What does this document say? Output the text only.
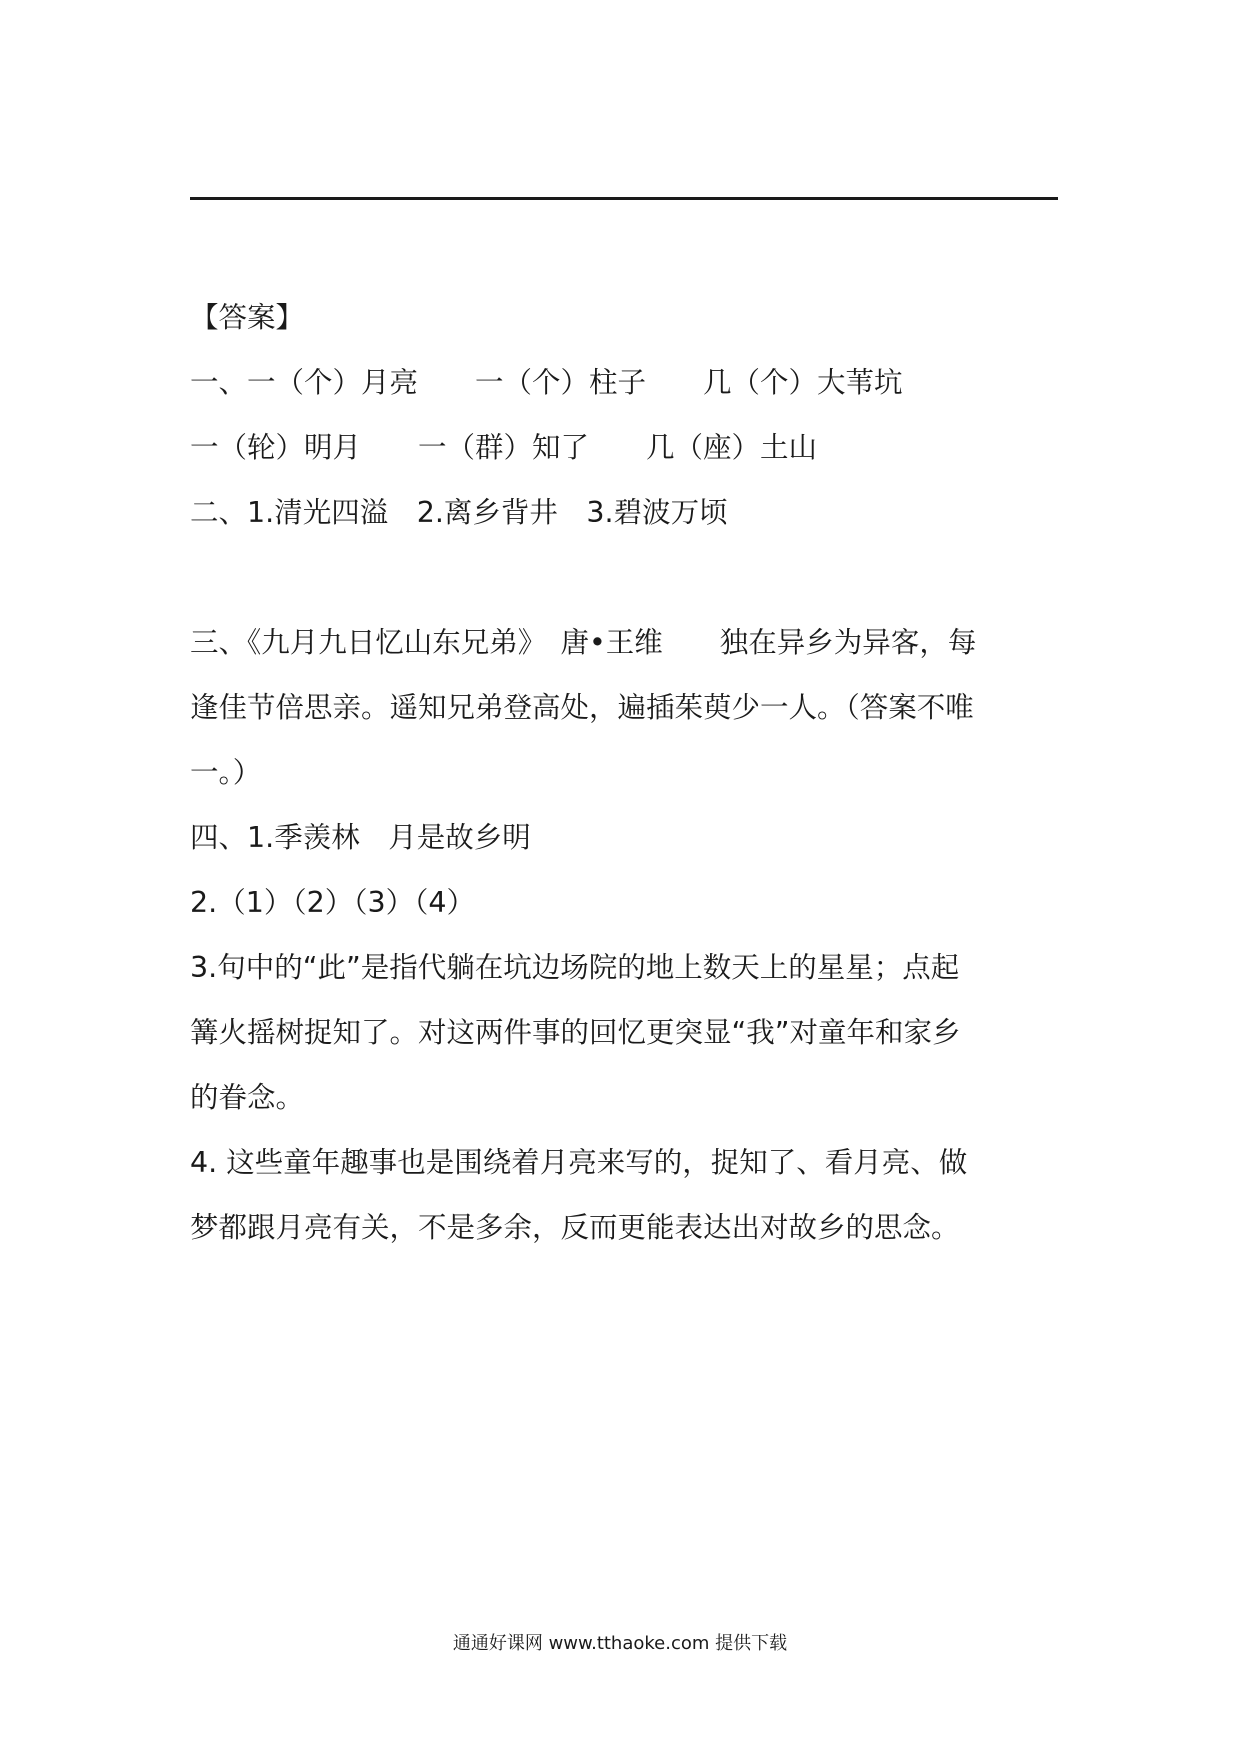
【答案】
一、一（个）月亮　　一（个）柱子　　几（个）大苇坑
一（轮）明月　　一（群）知了　　几（座）土山
二、1.清光四溢　2.离乡背井　3.碧波万顷
三、《九月九日忆山东兄弟》　唐•王维　　独在异乡为异客，每
逢佳节倍思亲。遥知兄弟登高处，遍插茱萸少一人。（答案不唯
一。）
四、1.季羡林　月是故乡明
2.（1）（2）（3）（4）
3.句中的“此”是指代躺在坑边场院的地上数天上的星星；点起
篝火摇树捉知了。对这两件事的回忆更突显“我”对童年和家乡
的眷念。
4. 这些童年趣事也是围绕着月亮来写的，捉知了、看月亮、做
梦都跟月亮有关，不是多余，反而更能表达出对故乡的思念。
通通好课网 www.tthaoke.com 提供下载
